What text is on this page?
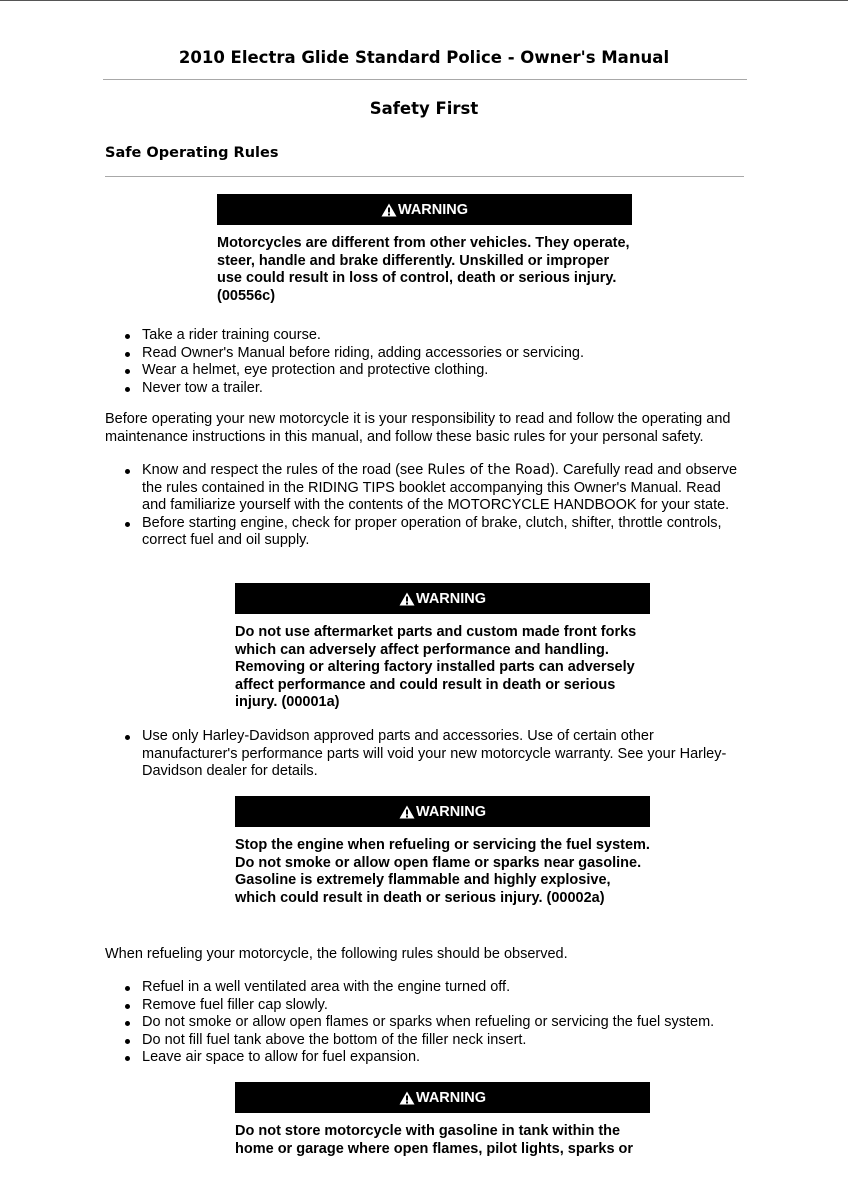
2010 Electra Glide Standard Police - Owner's Manual
Safety First
Safe Operating Rules
WARNING
Motorcycles are different from other vehicles. They operate, steer, handle and brake differently. Unskilled or improper use could result in loss of control, death or serious injury. (00556c)
Take a rider training course.
Read Owner's Manual before riding, adding accessories or servicing.
Wear a helmet, eye protection and protective clothing.
Never tow a trailer.

Before operating your new motorcycle it is your responsibility to read and follow the operating and maintenance instructions in this manual, and follow these basic rules for your personal safety.

Know and respect the rules of the road (see Rules of the Road). Carefully read and observe the rules contained in the RIDING TIPS booklet accompanying this Owner's Manual. Read and familiarize yourself with the contents of the MOTORCYCLE HANDBOOK for your state.
Before starting engine, check for proper operation of brake, clutch, shifter, throttle controls, correct fuel and oil supply.
WARNING
Do not use aftermarket parts and custom made front forks which can adversely affect performance and handling. Removing or altering factory installed parts can adversely affect performance and could result in death or serious injury. (00001a)
Use only Harley-Davidson approved parts and accessories. Use of certain other manufacturer's performance parts will void your new motorcycle warranty. See your Harley-Davidson dealer for details.
WARNING
Stop the engine when refueling or servicing the fuel system. Do not smoke or allow open flame or sparks near gasoline. Gasoline is extremely flammable and highly explosive, which could result in death or serious injury. (00002a)

When refueling your motorcycle, the following rules should be observed.

Refuel in a well ventilated area with the engine turned off.
Remove fuel filler cap slowly.
Do not smoke or allow open flames or sparks when refueling or servicing the fuel system.
Do not fill fuel tank above the bottom of the filler neck insert.
Leave air space to allow for fuel expansion.
WARNING
Do not store motorcycle with gasoline in tank within the home or garage where open flames, pilot lights, sparks or
